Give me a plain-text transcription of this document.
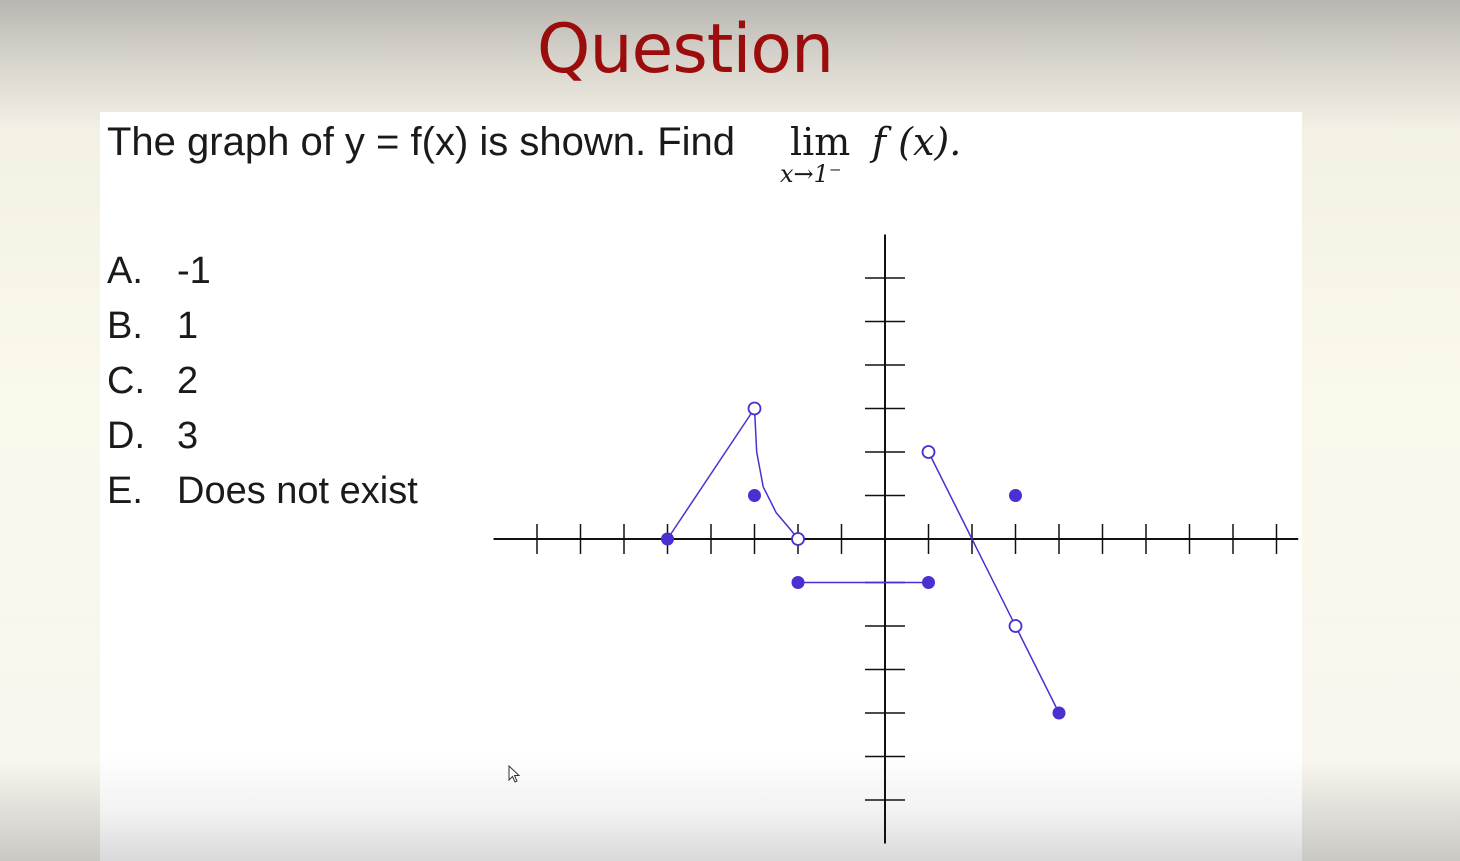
Question
The graph of y = f(x) is shown. Find lim
x→1⁻
f (x).
A. -1
B. 1
C. 2
D. 3
E. Does not exist
